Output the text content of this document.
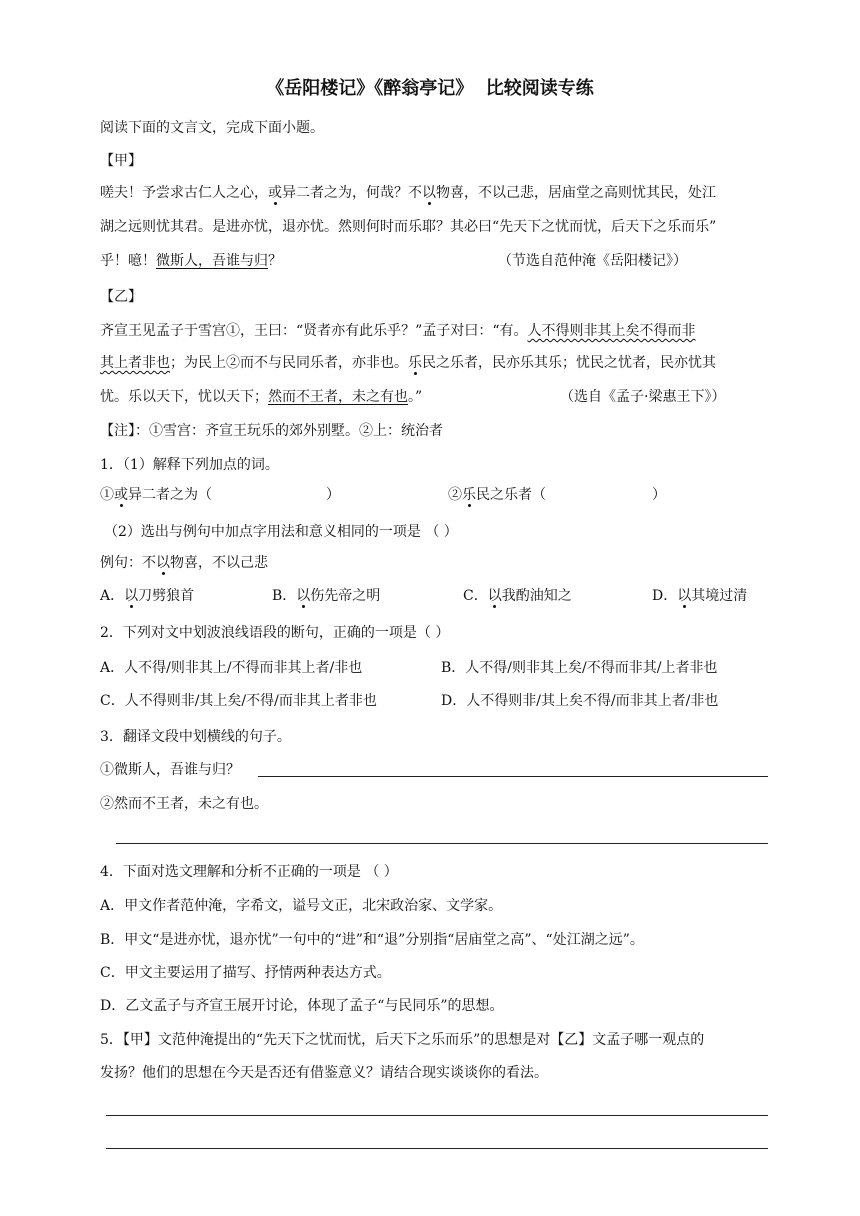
《岳阳楼记》《醉翁亭记》 比较阅读专练
阅读下面的文言文，完成下面小题。
【甲】
嗟夫！予尝求古仁人之心，或异二者之为，何哉？不以物喜，不以己悲，居庙堂之高则忧其民，处江
湖之远则忧其君。是进亦忧，退亦忧。然则何时而乐耶？其必曰“先天下之忧而忧，后天下之乐而乐”
乎！噫！微斯人，吾谁与归？	（节选自范仲淹《岳阳楼记》）
【乙】
齐宣王见孟子于雪宫①，王曰：“贤者亦有此乐乎？”孟子对曰：“有。人不得则非其上矣不得而非
其上者非也；为民上②而不与民同乐者，亦非也。乐民之乐者，民亦乐其乐；忧民之忧者，民亦忧其
忧。乐以天下，忧以天下；然而不王者，未之有也。”	（选自《孟子·梁惠王下》）
【注】：①雪宫：齐宣王玩乐的郊外别墅。②上：统治者
1．（1）解释下列加点的词。
①或异二者之为（	）	②乐民之乐者（	）
（2）选出与例句中加点字用法和意义相同的一项是 （ ）
例句：不以物喜，不以己悲
A．以刀劈狼首	B．以伤先帝之明	C．以我酌油知之	D．以其境过清
2．下列对文中划波浪线语段的断句，正确的一项是（ ）
A．人不得/则非其上/不得而非其上者/非也	B．人不得/则非其上矣/不得而非其/上者非也
C．人不得则非/其上矣/不得/而非其上者非也	D．人不得则非/其上矣不得/而非其上者/非也
3．翻译文段中划横线的句子。
①微斯人，吾谁与归？
②然而不王者，未之有也。
4．下面对选文理解和分析不正确的一项是 （ ）
A．甲文作者范仲淹，字希文，谥号文正，北宋政治家、文学家。
B．甲文“是进亦忧，退亦忧”一句中的“进”和“退”分别指“居庙堂之高”、“处江湖之远”。
C．甲文主要运用了描写、抒情两种表达方式。
D．乙文孟子与齐宣王展开讨论，体现了孟子“与民同乐”的思想。
5．【甲】文范仲淹提出的“先天下之忧而忧，后天下之乐而乐”的思想是对【乙】文孟子哪一观点的
发扬？他们的思想在今天是否还有借鉴意义？请结合现实谈谈你的看法。
